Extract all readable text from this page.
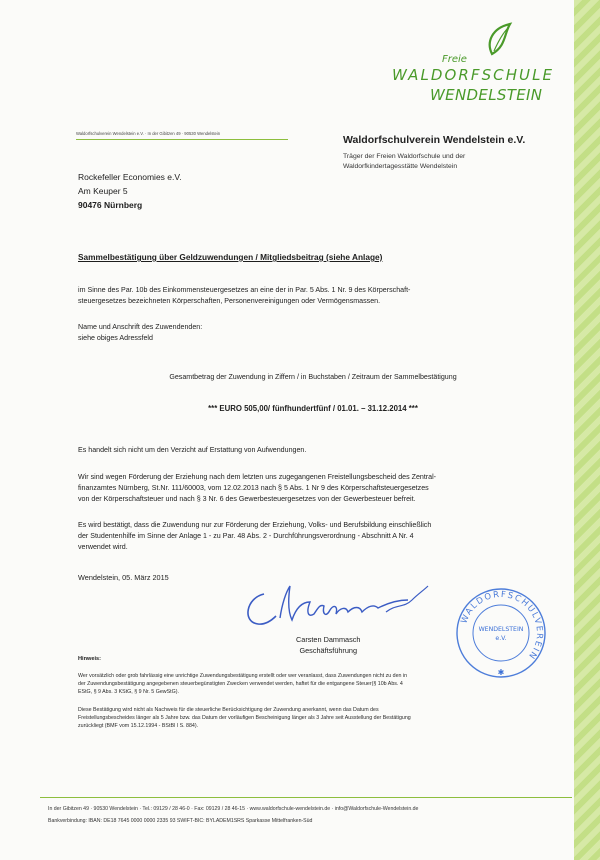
Freie
WALDORFSCHULE
WENDELSTEIN
Waldorfschulverein Wendelstein e.V. · In der Gibitzen 49 · 90530 Wendelstein
Waldorfschulverein Wendelstein e.V.
Träger der Freien Waldorfschule und der
Waldorfkindertagesstätte Wendelstein
Rockefeller Economies e.V.
Am Keuper 5
90476 Nürnberg
Sammelbestätigung über Geldzuwendungen / Mitgliedsbeitrag (siehe Anlage)
im Sinne des Par. 10b des Einkommensteuergesetzes an eine der in Par. 5 Abs. 1 Nr. 9 des Körperschaft-
steuergesetzes bezeichneten Körperschaften, Personenvereinigungen oder Vermögensmassen.
Name und Anschrift des Zuwendenden:
siehe obiges Adressfeld
Gesamtbetrag der Zuwendung in Ziffern / in Buchstaben / Zeitraum der Sammelbestätigung
*** EURO 505,00/ fünfhundertfünf / 01.01. – 31.12.2014 ***
Es handelt sich nicht um den Verzicht auf Erstattung von Aufwendungen.
Wir sind wegen Förderung der Erziehung nach dem letzten uns zugegangenen Freistellungsbescheid des Zentral-
finanzamtes Nürnberg, St.Nr. 111/60003, vom 12.02.2013 nach § 5 Abs. 1 Nr 9 des Körperschaftsteuergesetzes
von der Körperschaftsteuer und nach § 3 Nr. 6 des Gewerbesteuergesetzes von der Gewerbesteuer befreit.
Es wird bestätigt, dass die Zuwendung nur zur Förderung der Erziehung, Volks- und Berufsbildung einschließlich
der Studentenhilfe im Sinne der Anlage 1 - zu Par. 48 Abs. 2 - Durchführungsverordnung - Abschnitt A Nr. 4
verwendet wird.
Wendelstein, 05. März 2015
Carsten Dammasch
Geschäftsführung
WALDORFSCHULVEREIN
WENDELSTEIN
e.V.
✱
Hinweis:
Wer vorsätzlich oder grob fahrlässig eine unrichtige Zuwendungsbestätigung erstellt oder wer veranlasst, dass Zuwendungen nicht zu den in
der Zuwendungsbestätigung angegebenen steuerbegünstigten Zwecken verwendet werden, haftet für die entgangene Steuer(§ 10b Abs. 4
EStG, § 9 Abs. 3 KStG, § 9 Nr. 5 GewStG).
Diese Bestätigung wird nicht als Nachweis für die steuerliche Berücksichtigung der Zuwendung anerkannt, wenn das Datum des
Freistellungsbescheides länger als 5 Jahre bzw. das Datum der vorläufigen Bescheinigung länger als 3 Jahre seit Ausstellung der Bestätigung
zurückliegt (BMF vom 15.12.1994 - BStBl I S. 884).
In der Gibitzen 49 · 90530 Wendelstein · Tel.: 09129 / 28 46-0 · Fax: 09129 / 28 46-15 · www.waldorfschule-wendelstein.de · info@Waldorfschule-Wendelstein.de
Bankverbindung: IBAN: DE18 7645 0000 0000 2335 93 SWIFT-BIC: BYLADEM1SRS Sparkasse Mittelfranken-Süd
